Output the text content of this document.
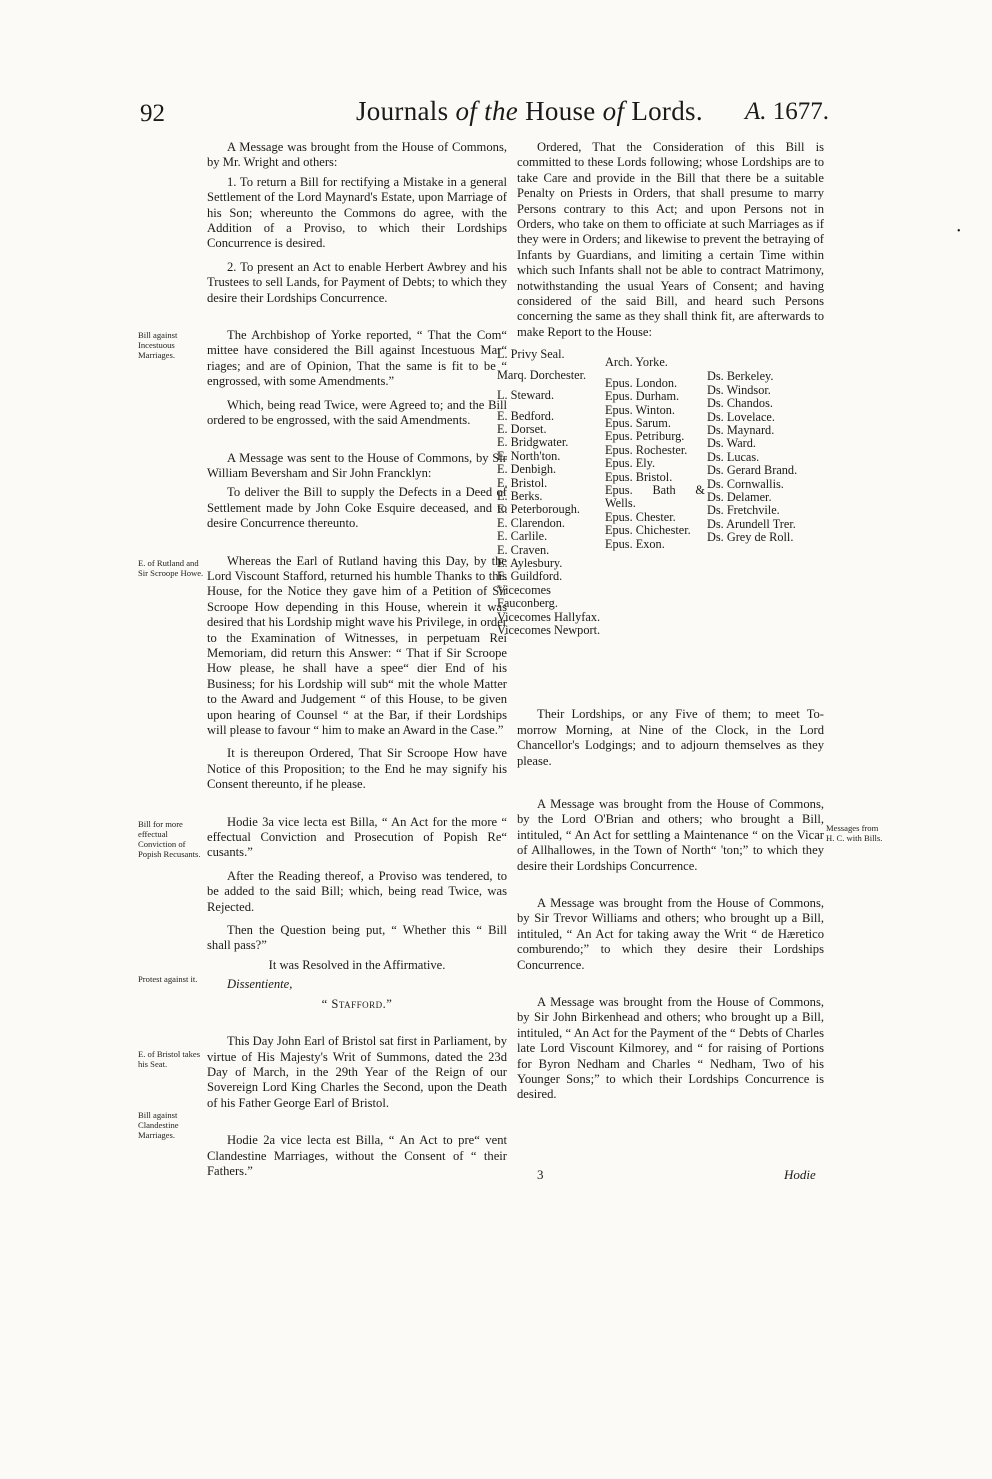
92	Journals of the House of Lords. A. 1677.
Bill against Incestuous Marriages.
E. of Rutland and Sir Scroope Howe.
Bill for more effectual Conviction of Popish Recusants.
Protest against it.
E. of Bristol takes his Seat.
Bill against Clandestine Marriages.
Messages from H. C. with Bills.

A Message was brought from the House of Commons, by Mr. Wright and others:

1. To return a Bill for rectifying a Mistake in a general Settlement of the Lord Maynard's Estate, upon Marriage of his Son; whereunto the Commons do agree, with the Addition of a Proviso, to which their Lordships Concurrence is desired.

2. To present an Act to enable Herbert Awbrey and his Trustees to sell Lands, for Payment of Debts; to which they desire their Lordships Concurrence.

The Archbishop of Yorke reported, “ That the Com“ mittee have considered the Bill against Incestuous Mar“ riages; and are of Opinion, That the same is fit to be “ engrossed, with some Amendments.”

Which, being read Twice, were Agreed to; and the Bill ordered to be engrossed, with the said Amendments.

A Message was sent to the House of Commons, by Sir William Beversham and Sir John Francklyn:

To deliver the Bill to supply the Defects in a Deed of Settlement made by John Coke Esquire deceased, and to desire Concurrence thereunto.

Whereas the Earl of Rutland having this Day, by the Lord Viscount Stafford, returned his humble Thanks to this House, for the Notice they gave him of a Petition of Sir Scroope How depending in this House, wherein it was desired that his Lordship might wave his Privilege, in order to the Examination of Witnesses, in perpetuam Rei Memoriam, did return this Answer: “ That if Sir Scroope How please, he shall have a spee“ dier End of his Business; for his Lordship will sub“ mit the whole Matter to the Award and Judgement “ of this House, to be given upon hearing of Counsel “ at the Bar, if their Lordships will please to favour “ him to make an Award in the Case.”

It is thereupon Ordered, That Sir Scroope How have Notice of this Proposition; to the End he may signify his Consent thereunto, if he please.

Hodie 3a vice lecta est Billa, “ An Act for the more “ effectual Conviction and Prosecution of Popish Re“ cusants.”

After the Reading thereof, a Proviso was tendered, to be added to the said Bill; which, being read Twice, was Rejected.

Then the Question being put, “ Whether this “ Bill shall pass?”

It was Resolved in the Affirmative.

Dissentiente,

“ Stafford.”

This Day John Earl of Bristol sat first in Parliament, by virtue of His Majesty's Writ of Summons, dated the 23d Day of March, in the 29th Year of the Reign of our Sovereign Lord King Charles the Second, upon the Death of his Father George Earl of Bristol.

Hodie 2a vice lecta est Billa, “ An Act to pre“ vent Clandestine Marriages, without the Consent of “ their Fathers.”

Ordered, That the Consideration of this Bill is committed to these Lords following; whose Lordships are to take Care and provide in the Bill that there be a suitable Penalty on Priests in Orders, that shall presume to marry Persons contrary to this Act; and upon Persons not in Orders, who take on them to officiate at such Marriages as if they were in Orders; and likewise to prevent the betraying of Infants by Guardians, and limiting a certain Time within which such Infants shall not be able to contract Matrimony, notwithstanding the usual Years of Consent; and having considered of the said Bill, and heard such Persons concerning the same as they shall think fit, are afterwards to make Report to the House:

L. Privy Seal.
Marq. Dorchester.
L. Steward.
E. Bedford.
E. Dorset.
E. Bridgwater.
E. North'ton.
E. Denbigh.
E. Bristol.
E. Berks.
E. Peterborough.
E. Clarendon.
E. Carlile.
E. Craven.
E. Aylesbury.
E. Guildford.
Vicecomes Fauconberg.
Vicecomes Hallyfax.
Vicecomes Newport.
Arch. Yorke.
Epus. London.
Epus. Durham.
Epus. Winton.
Epus. Sarum.
Epus. Petriburg.
Epus. Rochester.
Epus. Ely.
Epus. Bristol.
Epus. Bath & Wells.
Epus. Chester.
Epus. Chichester.
Epus. Exon.
Ds. Berkeley.
Ds. Windsor.
Ds. Chandos.
Ds. Lovelace.
Ds. Maynard.
Ds. Ward.
Ds. Lucas.
Ds. Gerard Brand.
Ds. Cornwallis.
Ds. Delamer.
Ds. Fretchvile.
Ds. Arundell Trer.
Ds. Grey de Roll.

Their Lordships, or any Five of them; to meet To-morrow Morning, at Nine of the Clock, in the Lord Chancellor's Lodgings; and to adjourn themselves as they please.

A Message was brought from the House of Commons, by the Lord O'Brian and others; who brought a Bill, intituled, “ An Act for settling a Maintenance “ on the Vicar of Allhallowes, in the Town of North“ 'ton;” to which they desire their Lordships Concurrence.

A Message was brought from the House of Commons, by Sir Trevor Williams and others; who brought up a Bill, intituled, “ An Act for taking away the Writ “ de Hæretico comburendo;” to which they desire their Lordships Concurrence.

A Message was brought from the House of Commons, by Sir John Birkenhead and others; who brought up a Bill, intituled, “ An Act for the Payment of the “ Debts of Charles late Lord Viscount Kilmorey, and “ for raising of Portions for Byron Nedham and Charles “ Nedham, Two of his Younger Sons;” to which their Lordships Concurrence is desired.

•
3	Hodie
